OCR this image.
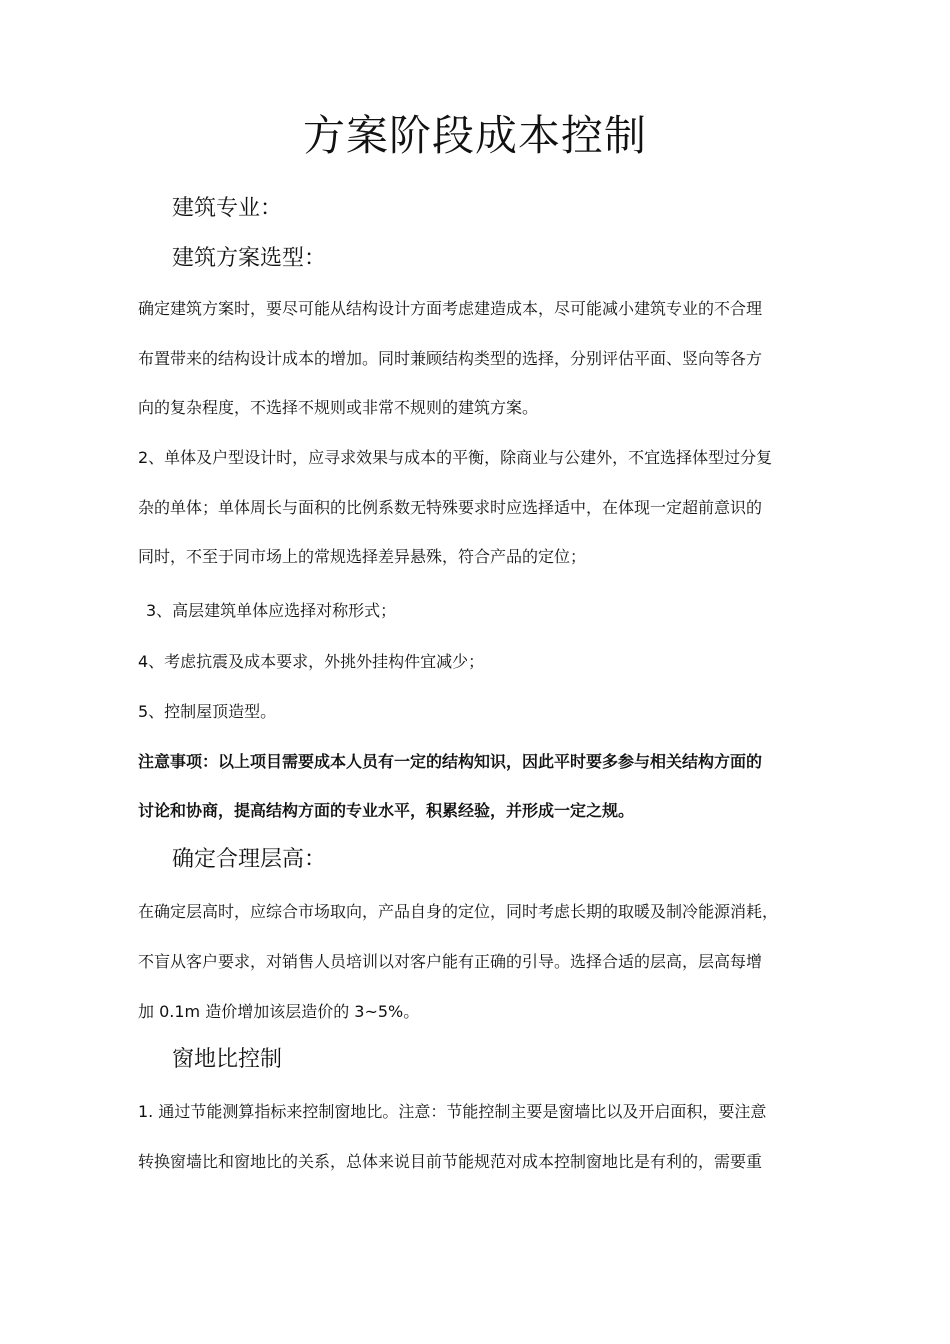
方案阶段成本控制
建筑专业：
建筑方案选型：
确定建筑方案时，要尽可能从结构设计方面考虑建造成本，尽可能减小建筑专业的不合理
布置带来的结构设计成本的增加。同时兼顾结构类型的选择，分别评估平面、竖向等各方
向的复杂程度，不选择不规则或非常不规则的建筑方案。
2、单体及户型设计时，应寻求效果与成本的平衡，除商业与公建外，不宜选择体型过分复
杂的单体；单体周长与面积的比例系数无特殊要求时应选择适中，在体现一定超前意识的
同时，不至于同市场上的常规选择差异悬殊，符合产品的定位；
3、高层建筑单体应选择对称形式；
4、考虑抗震及成本要求，外挑外挂构件宜减少；
5、控制屋顶造型。
注意事项：以上项目需要成本人员有一定的结构知识，因此平时要多参与相关结构方面的
讨论和协商，提高结构方面的专业水平，积累经验，并形成一定之规。
确定合理层高：
在确定层高时，应综合市场取向，产品自身的定位，同时考虑长期的取暖及制冷能源消耗，
不盲从客户要求，对销售人员培训以对客户能有正确的引导。选择合适的层高，层高每增
加 0.1m 造价增加该层造价的 3~5%。
窗地比控制
1. 通过节能测算指标来控制窗地比。注意：节能控制主要是窗墙比以及开启面积，要注意
转换窗墙比和窗地比的关系，总体来说目前节能规范对成本控制窗地比是有利的，需要重
